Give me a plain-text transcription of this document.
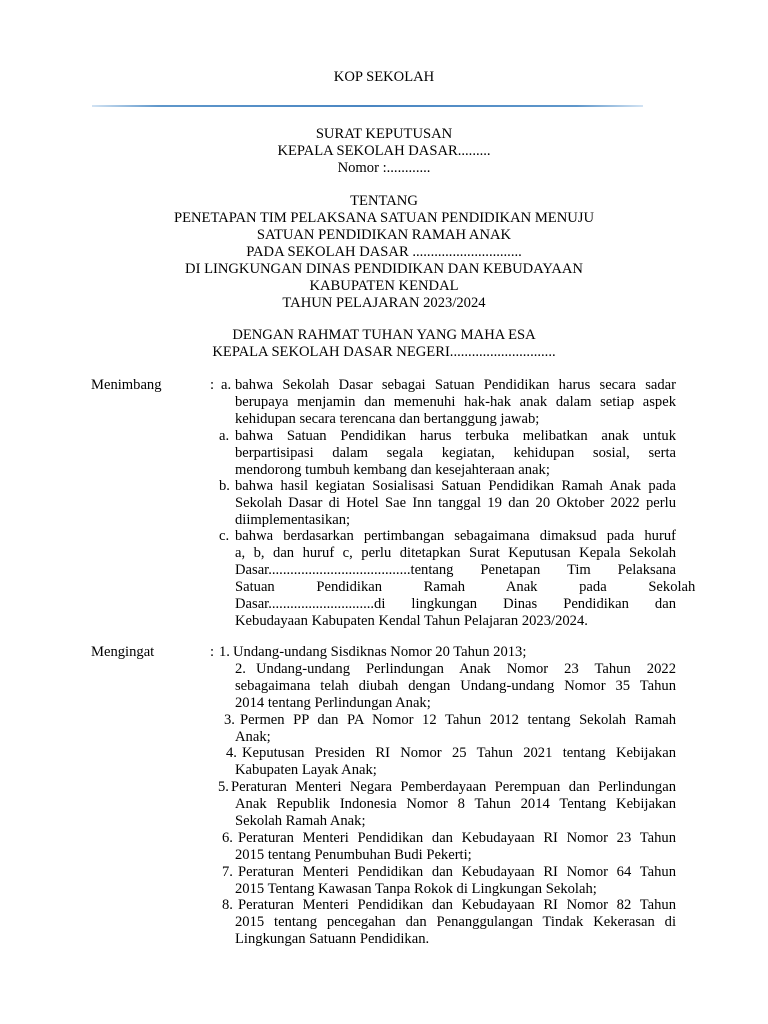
KOP SEKOLAH
SURAT KEPUTUSAN
KEPALA SEKOLAH DASAR.........
Nomor :............
TENTANG
PENETAPAN TIM PELAKSANA SATUAN PENDIDIKAN MENUJU
SATUAN PENDIDIKAN RAMAH ANAK
PADA SEKOLAH DASAR ..............................
DI LINGKUNGAN DINAS PENDIDIKAN DAN KEBUDAYAAN
KABUPATEN KENDAL
TAHUN PELAJARAN 2023/2024
DENGAN RAHMAT TUHAN YANG MAHA ESA
KEPALA SEKOLAH DASAR NEGERI.............................
Menimbang	: a. bahwa Sekolah Dasar sebagai Satuan Pendidikan harus secara sadar
berupaya menjamin dan memenuhi hak-hak anak dalam setiap aspek
kehidupan secara terencana dan bertanggung jawab;
a. bahwa Satuan Pendidikan harus terbuka melibatkan anak untuk
berpartisipasi dalam segala kegiatan, kehidupan sosial, serta
mendorong tumbuh kembang dan kesejahteraan anak;
b. bahwa hasil kegiatan Sosialisasi Satuan Pendidikan Ramah Anak pada
Sekolah Dasar di Hotel Sae Inn tanggal 19 dan 20 Oktober 2022 perlu
diimplementasikan;
c. bahwa berdasarkan pertimbangan sebagaimana dimaksud pada huruf
a, b, dan huruf c, perlu ditetapkan Surat Keputusan Kepala Sekolah
Dasar.......................................tentang Penetapan Tim Pelaksana
Satuan Pendidikan Ramah Anak pada Sekolah
Dasar.............................di lingkungan Dinas Pendidikan dan
Kebudayaan Kabupaten Kendal Tahun Pelajaran 2023/2024.
Mengingat	: 1. Undang-undang Sisdiknas Nomor 20 Tahun 2013;
2. Undang-undang Perlindungan Anak Nomor 23 Tahun 2022
sebagaimana telah diubah dengan Undang-undang Nomor 35 Tahun
2014 tentang Perlindungan Anak;
3. Permen PP dan PA Nomor 12 Tahun 2012 tentang Sekolah Ramah
Anak;
4. Keputusan Presiden RI Nomor 25 Tahun 2021 tentang Kebijakan
Kabupaten Layak Anak;
5. Peraturan Menteri Negara Pemberdayaan Perempuan dan Perlindungan
Anak Republik Indonesia Nomor 8 Tahun 2014 Tentang Kebijakan
Sekolah Ramah Anak;
6. Peraturan Menteri Pendidikan dan Kebudayaan RI Nomor 23 Tahun
2015 tentang Penumbuhan Budi Pekerti;
7. Peraturan Menteri Pendidikan dan Kebudayaan RI Nomor 64 Tahun
2015 Tentang Kawasan Tanpa Rokok di Lingkungan Sekolah;
8. Peraturan Menteri Pendidikan dan Kebudayaan RI Nomor 82 Tahun
2015 tentang pencegahan dan Penanggulangan Tindak Kekerasan di
Lingkungan Satuann Pendidikan.
